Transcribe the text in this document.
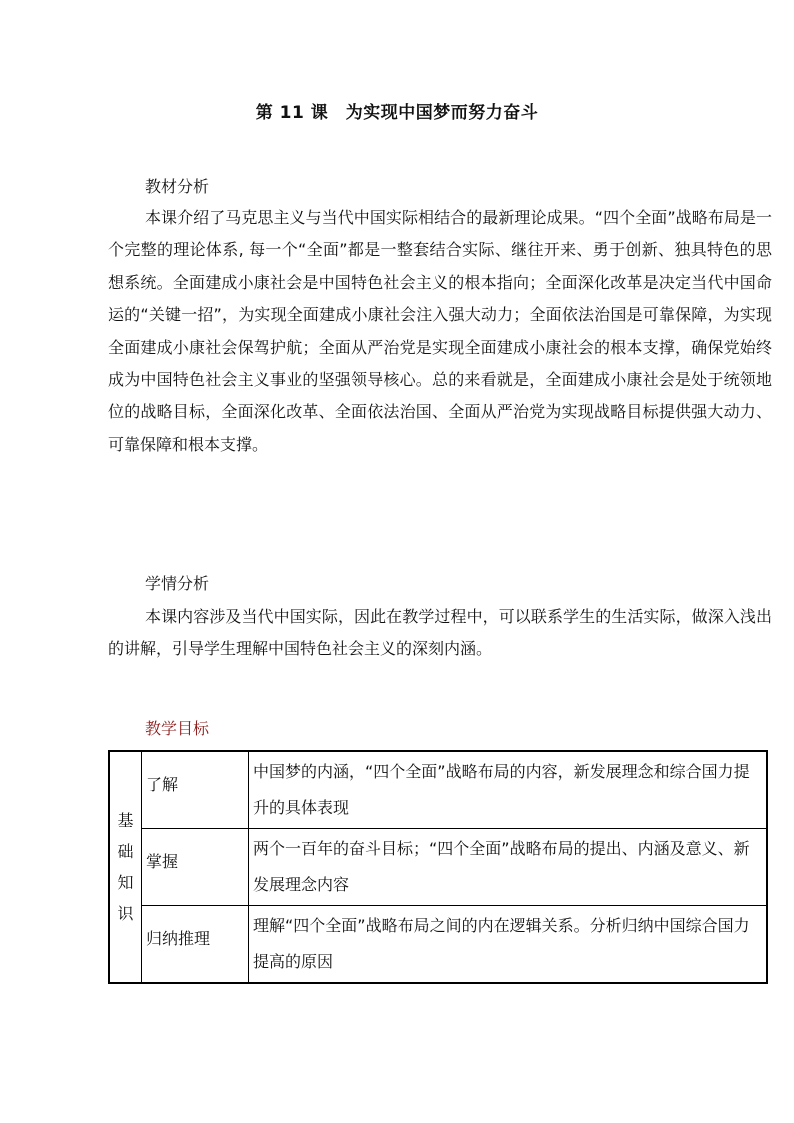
第 11 课　为实现中国梦而努力奋斗
教材分析

本课介绍了马克思主义与当代中国实际相结合的最新理论成果。“四个全面”战略布局是一个完整的理论体系, 每一个“全面”都是一整套结合实际、继往开来、勇于创新、独具特色的思想系统。全面建成小康社会是中国特色社会主义的根本指向；全面深化改革是决定当代中国命运的“关键一招”，为实现全面建成小康社会注入强大动力；全面依法治国是可靠保障，为实现全面建成小康社会保驾护航；全面从严治党是实现全面建成小康社会的根本支撑，确保党始终成为中国特色社会主义事业的坚强领导核心。总的来看就是，全面建成小康社会是处于统领地位的战略目标，全面深化改革、全面依法治国、全面从严治党为实现战略目标提供强大动力、可靠保障和根本支撑。

学情分析

本课内容涉及当代中国实际，因此在教学过程中，可以联系学生的生活实际，做深入浅出的讲解，引导学生理解中国特色社会主义的深刻内涵。

教学目标
基
础
知
识	了解	中国梦的内涵，“四个全面”战略布局的内容，新发展理念和综合国力提升的具体表现

	掌握	两个一百年的奋斗目标；“四个全面”战略布局的提出、内涵及意义、新发展理念内容

	归纳推理	理解“四个全面”战略布局之间的内在逻辑关系。分析归纳中国综合国力提高的原因
